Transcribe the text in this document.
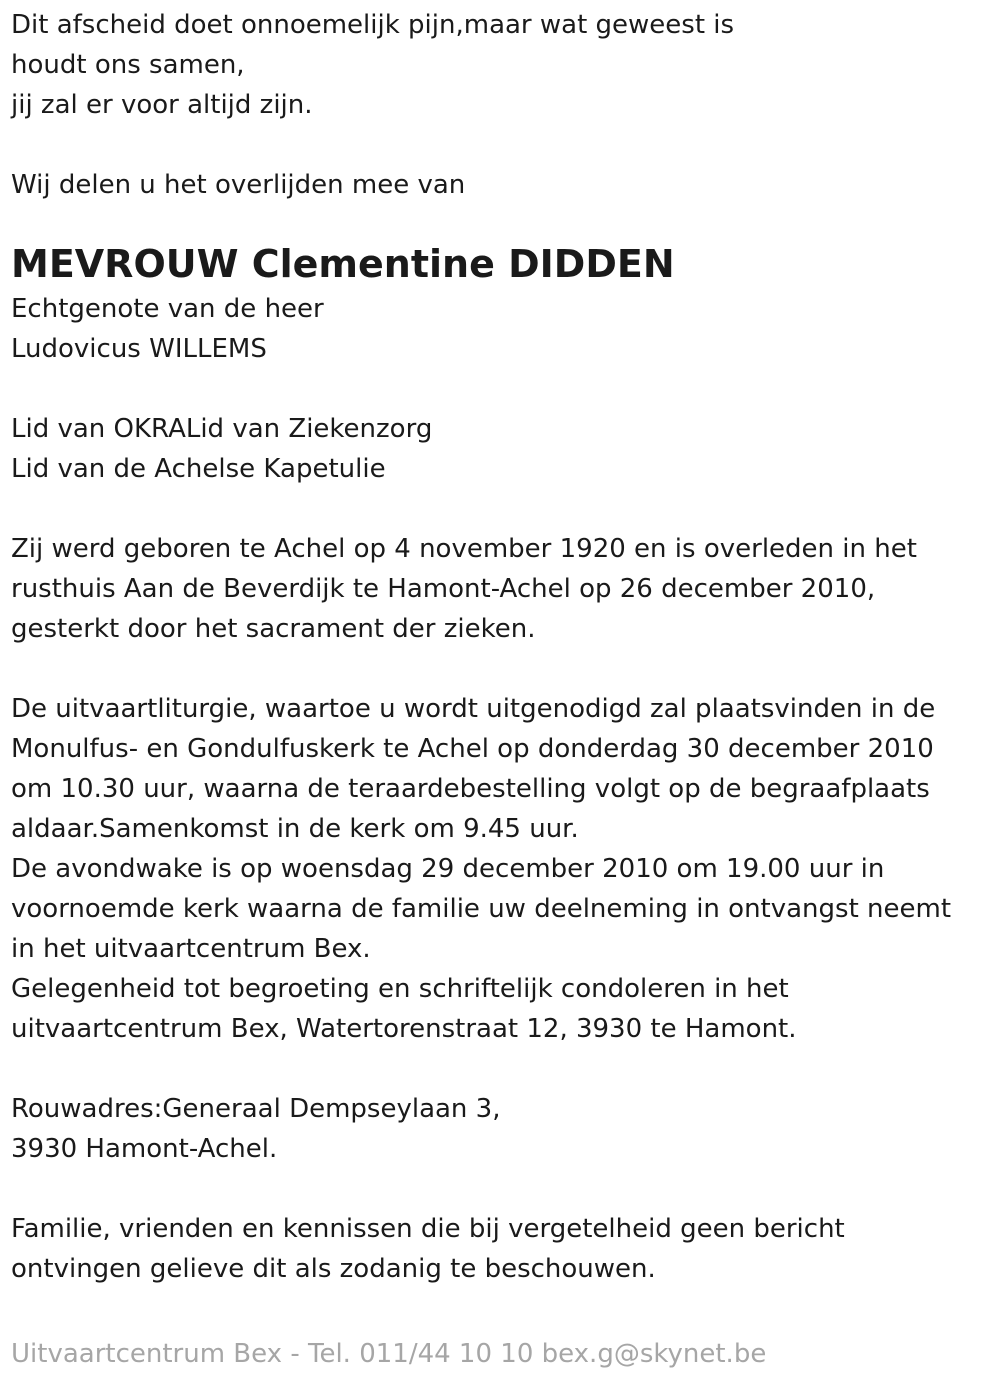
Dit afscheid doet onnoemelijk pijn,maar wat geweest is
houdt ons samen,
jij zal er voor altijd zijn.
Wij delen u het overlijden mee van
MEVROUW Clementine DIDDEN
Echtgenote van de heer
Ludovicus WILLEMS
Lid van OKRALid van Ziekenzorg
Lid van de Achelse Kapetulie
Zij werd geboren te Achel op 4 november 1920 en is overleden in het
rusthuis Aan de Beverdijk te Hamont-Achel op 26 december 2010,
gesterkt door het sacrament der zieken.
De uitvaartliturgie, waartoe u wordt uitgenodigd zal plaatsvinden in de
Monulfus- en Gondulfuskerk te Achel op donderdag 30 december 2010
om 10.30 uur, waarna de teraardebestelling volgt op de begraafplaats
aldaar.Samenkomst in de kerk om 9.45 uur.
De avondwake is op woensdag 29 december 2010 om 19.00 uur in
voornoemde kerk waarna de familie uw deelneming in ontvangst neemt
in het uitvaartcentrum Bex.
Gelegenheid tot begroeting en schriftelijk condoleren in het
uitvaartcentrum Bex, Watertorenstraat 12, 3930 te Hamont.
Rouwadres:Generaal Dempseylaan 3,
3930 Hamont-Achel.
Familie, vrienden en kennissen die bij vergetelheid geen bericht
ontvingen gelieve dit als zodanig te beschouwen.
Uitvaartcentrum Bex - Tel. 011/44 10 10 bex.g@skynet.be
